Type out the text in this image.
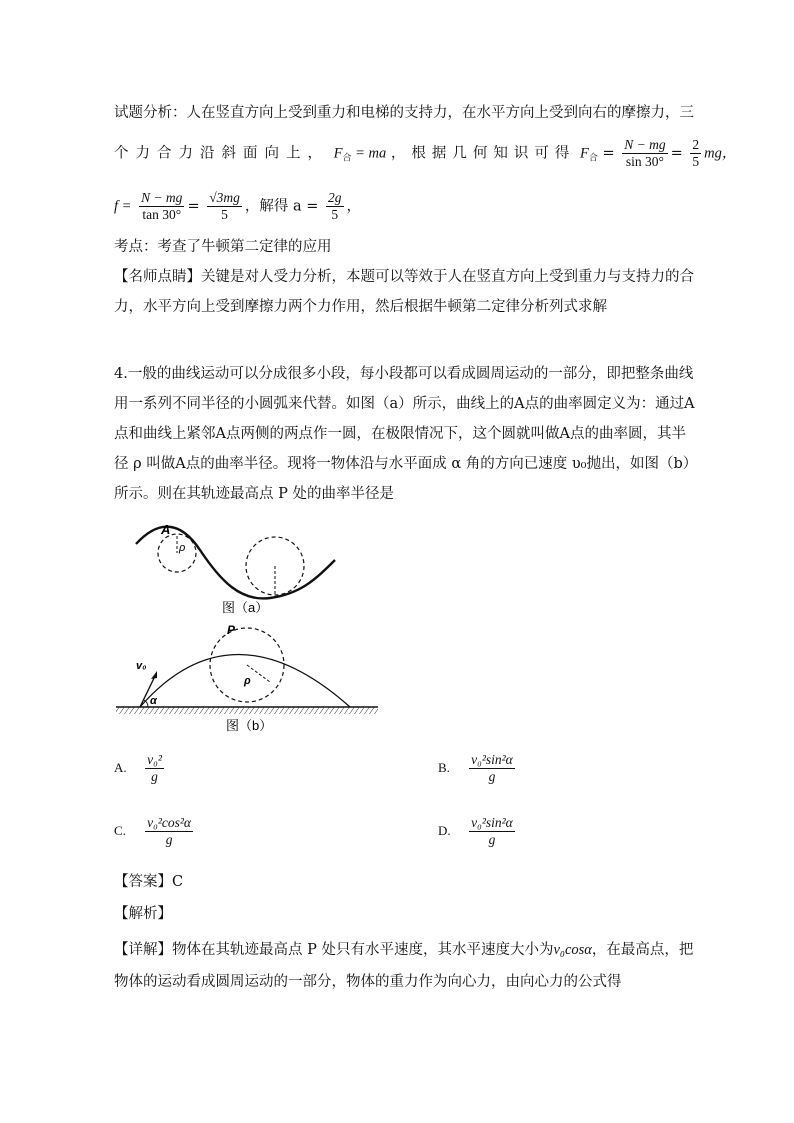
试题分析：人在竖直方向上受到重力和电梯的支持力，在水平方向上受到向右的摩擦力，三
个力合力沿斜面向上， $F_合$ = ma ，根据几何知识可得 $F_合 = \frac{N - mg}{\sin 30^\circ} = \frac{2}{5}$ mg，
$f = \frac{N - mg}{\tan 30^\circ} = \frac{√3mg}{5}$ ，解得 $a = \frac{2g}{5}$ ，
考点：考查了牛顿第二定律的应用
【名师点睛】关键是对人受力分析，本题可以等效于人在竖直方向上受到重力与支持力的合
力，水平方向上受到摩擦力两个力作用，然后根据牛顿第二定律分析列式求解
4.一般的曲线运动可以分成很多小段，每小段都可以看成圆周运动的一部分，即把整条曲线
用一系列不同半径的小圆弧来代替。如图（a）所示，曲线上的A点的曲率圆定义为：通过A
点和曲线上紧邻A点两侧的两点作一圆，在极限情况下，这个圆就叫做A点的曲率圆，其半
径 ρ 叫做A点的曲率半径。现将一物体沿与水平面成 α 角的方向已速度 υ₀抛出，如图（b）
所示。则在其轨迹最高点 P 处的曲率半径是
A
ρ
图（a）
P
v₀
α
ρ
图（b）
A. $\frac{\text{v₀²}}{g}$	B. $\frac{\text{v₀²sin²α}}{g}$
C. $\frac{\text{v₀²cos²α}}{g}$	D. $\frac{\text{v₀²sin²α}}{g}$
【答案】C
【解析】
【详解】物体在其轨迹最高点 P 处只有水平速度，其水平速度大小为v₀cosα，在最高点，把
物体的运动看成圆周运动的一部分，物体的重力作为向心力，由向心力的公式得
